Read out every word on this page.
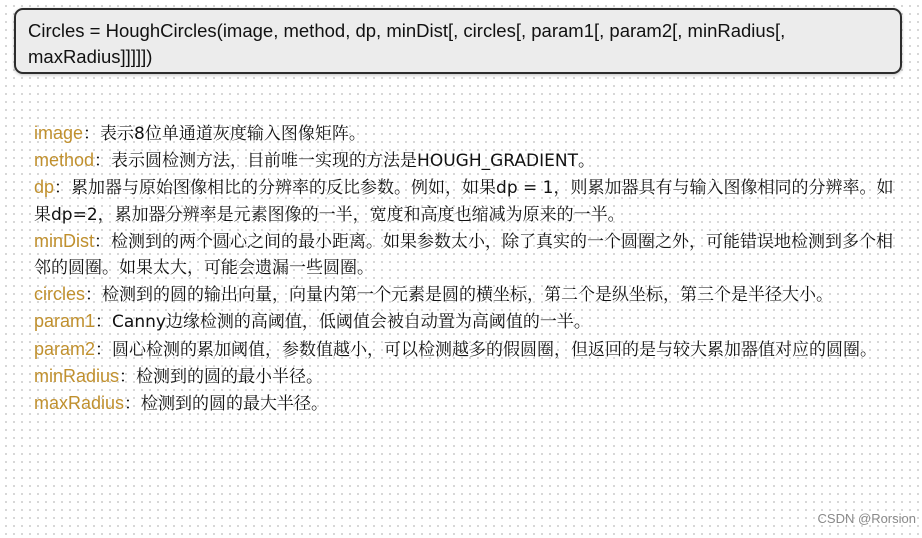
Circles = HoughCircles(image, method, dp, minDist[, circles[, param1[, param2[, minRadius[,

maxRadius]]]]])

image：表示8位单通道灰度输入图像矩阵。
method：表示圆检测方法，目前唯一实现的方法是HOUGH_GRADIENT。
dp：累加器与原始图像相比的分辨率的反比参数。例如，如果dp = 1，则累加器具有与输入图像相同的分辨率。如果dp=2，累加器分辨率是元素图像的一半，宽度和高度也缩减为原来的一半。
minDist：检测到的两个圆心之间的最小距离。如果参数太小，除了真实的一个圆圈之外，可能错误地检测到多个相邻的圆圈。如果太大，可能会遗漏一些圆圈。
circles：检测到的圆的输出向量，向量内第一个元素是圆的横坐标，第二个是纵坐标，第三个是半径大小。
param1：Canny边缘检测的高阈值，低阈值会被自动置为高阈值的一半。
param2：圆心检测的累加阈值，参数值越小，可以检测越多的假圆圈，但返回的是与较大累加器值对应的圆圈。
minRadius：检测到的圆的最小半径。
maxRadius：检测到的圆的最大半径。
CSDN @Rorsion
